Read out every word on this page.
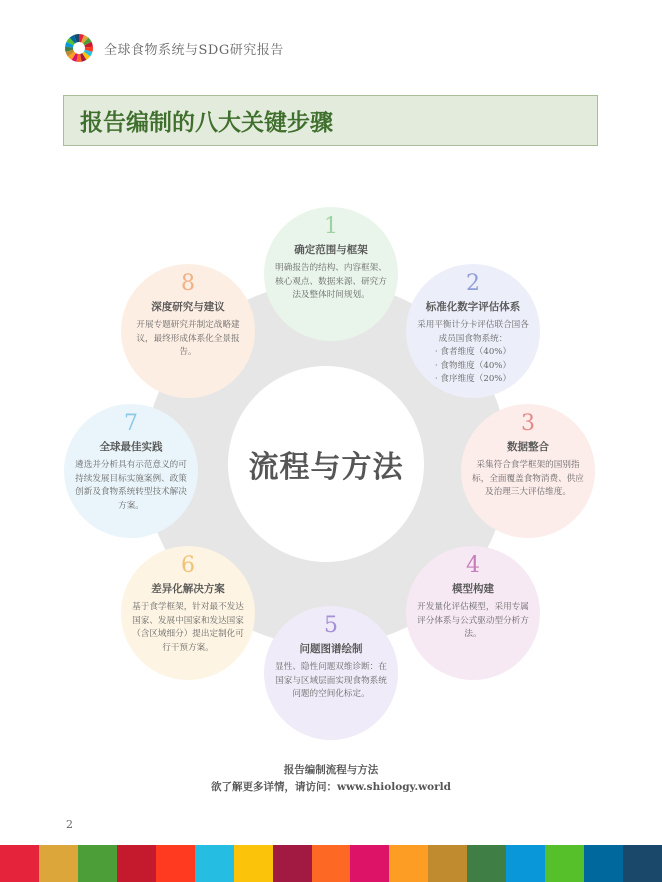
全球食物系统与SDG研究报告
报告编制的八大关键步骤
流程与方法
1
确定范围与框架
明确报告的结构、内容框架、核心观点、数据来源、研究方法及整体时间规划。	2
标准化数字评估体系
采用平衡计分卡评估联合国各成员国食物系统：
· 食者维度（40%）
· 食物维度（40%）
· 食序维度（20%）
3
数据整合
采集符合食学框架的国别指标，全面覆盖食物消费、供应及治理三大评估维度。
4
模型构建
开发量化评估模型，采用专属评分体系与公式驱动型分析方法。
5
问题图谱绘制
显性、隐性问题双维诊断：在国家与区域层面实现食物系统问题的空间化标定。
6
差异化解决方案
基于食学框架，针对最不发达国家、发展中国家和发达国家（含区域细分）提出定制化可行干预方案。
7
全球最佳实践
遴选并分析具有示范意义的可持续发展目标实施案例、政策创新及食物系统转型技术解决方案。
8
深度研究与建议
开展专题研究并制定战略建议，最终形成体系化全景报告。
报告编制流程与方法
欲了解更多详情，请访问：www.shiology.world
2
